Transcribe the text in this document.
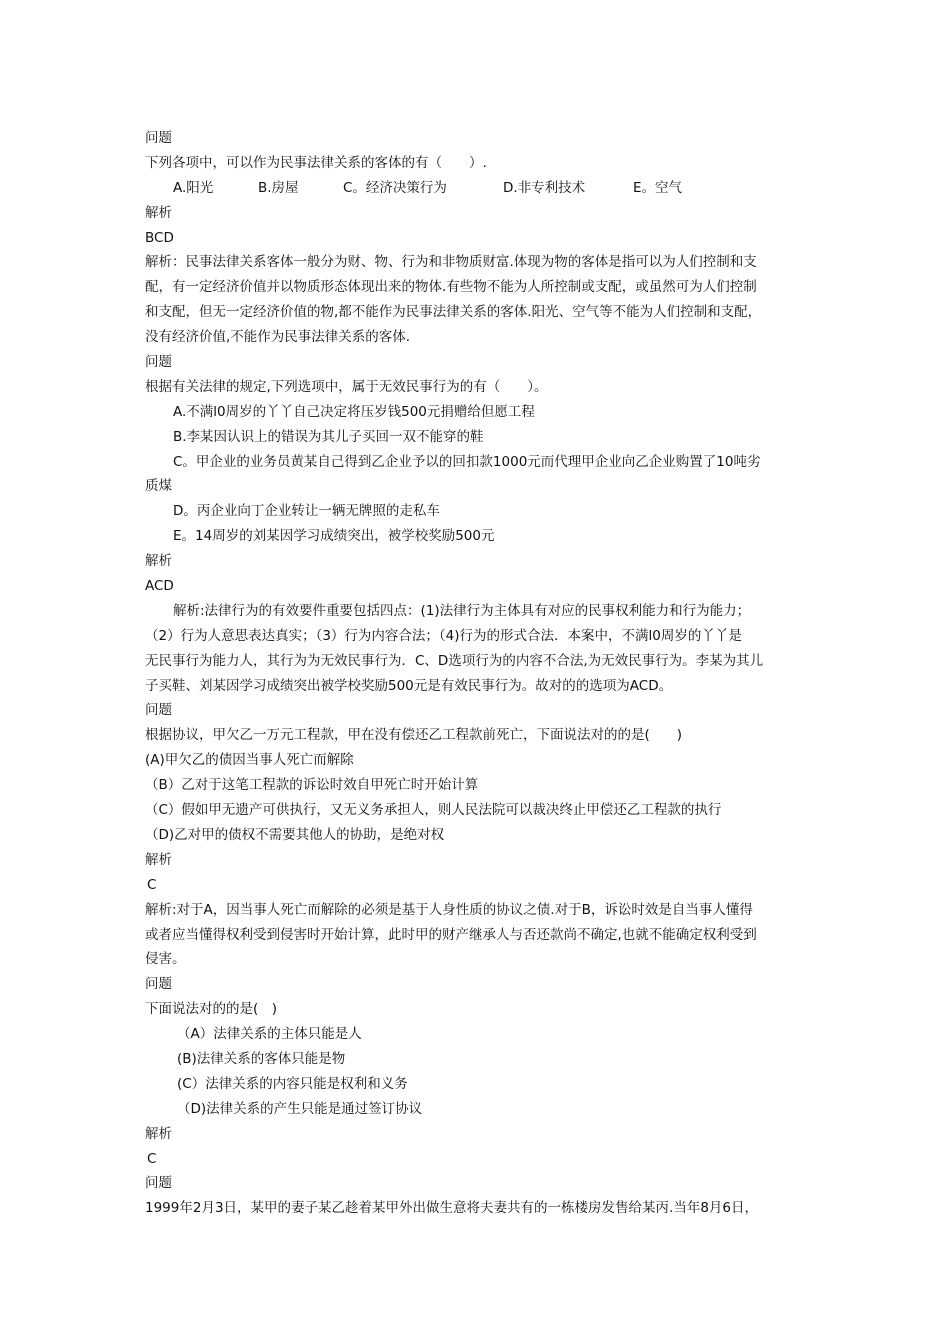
问题
下列各项中，可以作为民事法律关系的客体的有（　　）.
A.阳光	B.房屋	C。经济决策行为	D.非专利技术	E。空气
解析
BCD
解析：民事法律关系客体一般分为财、物、行为和非物质财富.体现为物的客体是指可以为人们控制和支
配，有一定经济价值并以物质形态体现出来的物体.有些物不能为人所控制或支配，或虽然可为人们控制
和支配，但无一定经济价值的物,都不能作为民事法律关系的客体.阳光、空气等不能为人们控制和支配，
没有经济价值,不能作为民事法律关系的客体.
问题
根据有关法律的规定,下列选项中，属于无效民事行为的有（　　）。
A.不满l0周岁的丫丫自己决定将压岁钱500元捐赠给但愿工程
B.李某因认识上的错误为其儿子买回一双不能穿的鞋
C。甲企业的业务员黄某自己得到乙企业予以的回扣款1000元而代理甲企业向乙企业购置了10吨劣
质煤
D。丙企业向丁企业转让一辆无牌照的走私车
E。14周岁的刘某因学习成绩突出，被学校奖励500元
解析
ACD
解析:法律行为的有效要件重要包括四点：(1)法律行为主体具有对应的民事权利能力和行为能力；
（2）行为人意思表达真实；（3）行为内容合法；（4)行为的形式合法．本案中，不满l0周岁的丫丫是
无民事行为能力人，其行为为无效民事行为．C、D选项行为的内容不合法,为无效民事行为。李某为其儿
子买鞋、刘某因学习成绩突出被学校奖励500元是有效民事行为。故对的的选项为ACD。
问题
根据协议，甲欠乙一万元工程款，甲在没有偿还乙工程款前死亡，下面说法对的的是(　　)
(A)甲欠乙的债因当事人死亡而解除
（B）乙对于这笔工程款的诉讼时效自甲死亡时开始计算
（C）假如甲无遗产可供执行，又无义务承担人，则人民法院可以裁决终止甲偿还乙工程款的执行
（D)乙对甲的债权不需要其他人的协助，是绝对权
解析
C
解析:对于A，因当事人死亡而解除的必须是基于人身性质的协议之债.对于B，诉讼时效是自当事人懂得
或者应当懂得权利受到侵害时开始计算，此时甲的财产继承人与否还款尚不确定,也就不能确定权利受到
侵害。
问题
下面说法对的的是(　)
（A）法律关系的主体只能是人
(B)法律关系的客体只能是物
(C）法律关系的内容只能是权利和义务
（D)法律关系的产生只能是通过签订协议
解析
C
问题
1999年2月3日，某甲的妻子某乙趁着某甲外出做生意将夫妻共有的一栋楼房发售给某丙.当年8月6日，
